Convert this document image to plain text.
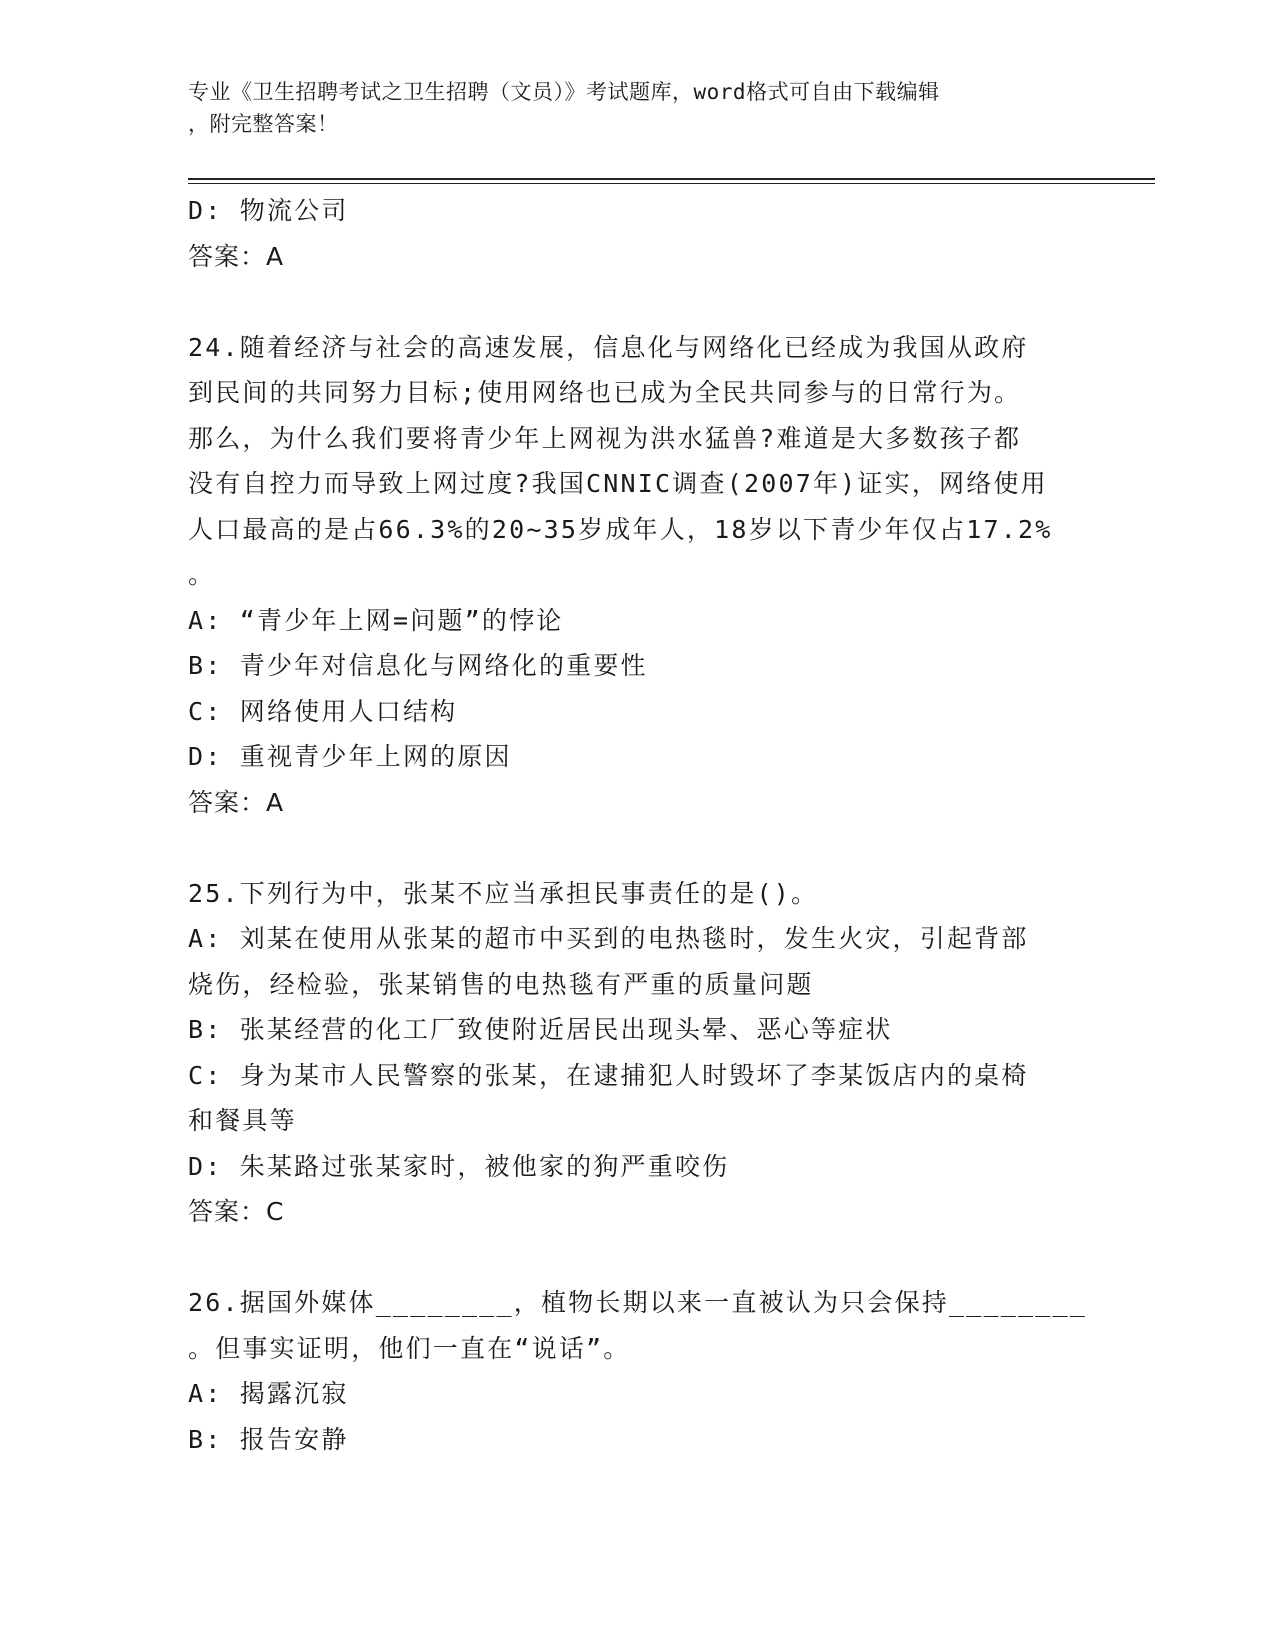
专业《卫生招聘考试之卫生招聘（文员）》考试题库，word格式可自由下载编辑
，附完整答案！
D: 物流公司
答案：A
24.随着经济与社会的高速发展，信息化与网络化已经成为我国从政府
到民间的共同努力目标;使用网络也已成为全民共同参与的日常行为。
那么，为什么我们要将青少年上网视为洪水猛兽?难道是大多数孩子都
没有自控力而导致上网过度?我国CNNIC调查(2007年)证实，网络使用
人口最高的是占66.3%的20~35岁成年人，18岁以下青少年仅占17.2%
。
A: “青少年上网=问题”的悖论
B: 青少年对信息化与网络化的重要性
C: 网络使用人口结构
D: 重视青少年上网的原因
答案：A
25.下列行为中，张某不应当承担民事责任的是()。
A: 刘某在使用从张某的超市中买到的电热毯时，发生火灾，引起背部
烧伤，经检验，张某销售的电热毯有严重的质量问题
B: 张某经营的化工厂致使附近居民出现头晕、恶心等症状
C: 身为某市人民警察的张某，在逮捕犯人时毁坏了李某饭店内的桌椅
和餐具等
D: 朱某路过张某家时，被他家的狗严重咬伤
答案：C
26.据国外媒体________，植物长期以来一直被认为只会保持________
。但事实证明，他们一直在“说话”。
A: 揭露沉寂
B: 报告安静
